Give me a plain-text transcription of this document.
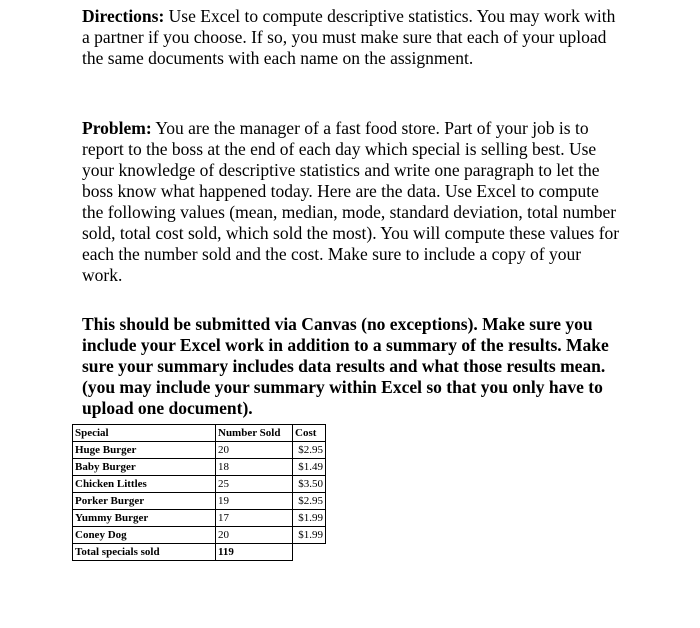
Directions: Use Excel to compute descriptive statistics. You may work with a partner if you choose. If so, you must make sure that each of your upload the same documents with each name on the assignment.

Problem: You are the manager of a fast food store. Part of your job is to report to the boss at the end of each day which special is selling best. Use your knowledge of descriptive statistics and write one paragraph to let the boss know what happened today. Here are the data. Use Excel to compute the following values (mean, median, mode, standard deviation, total number sold, total cost sold, which sold the most). You will compute these values for each the number sold and the cost. Make sure to include a copy of your work.

This should be submitted via Canvas (no exceptions). Make sure you include your Excel work in addition to a summary of the results. Make sure your summary includes data results and what those results mean. (you may include your summary within Excel so that you only have to upload one document).

Special	Number Sold	Cost
Huge Burger	20	$2.95
Baby Burger	18	$1.49
Chicken Littles	25	$3.50
Porker Burger	19	$2.95
Yummy Burger	17	$1.99
Coney Dog	20	$1.99
Total specials sold	119	
